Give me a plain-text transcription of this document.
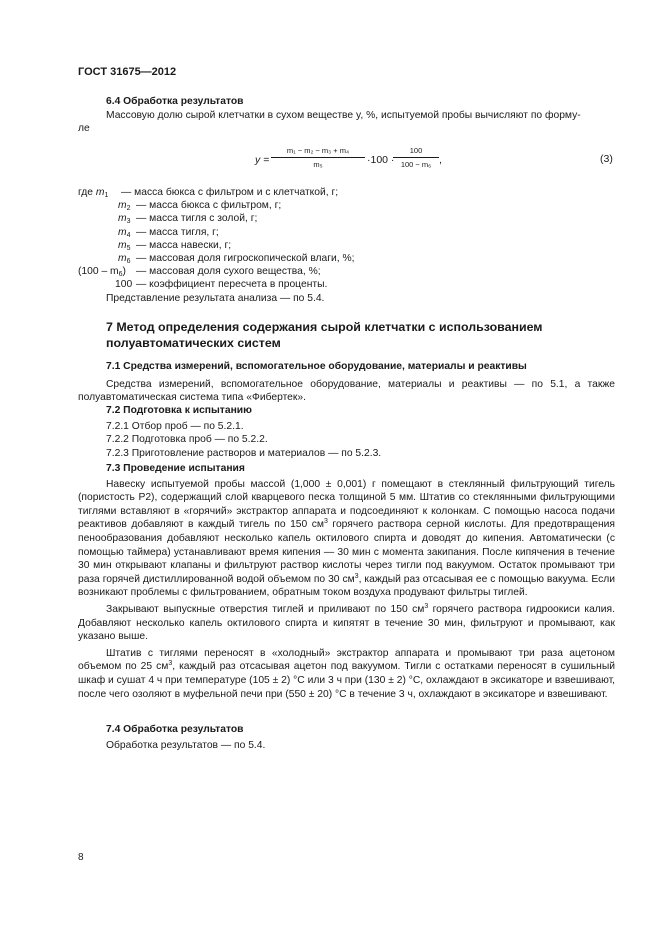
ГОСТ 31675—2012
6.4 Обработка результатов
Массовую долю сырой клетчатки в сухом веществе y, %, испытуемой пробы вычисляют по форму-
ле
$y = \frac{\text{m₁ − m₂ − m₃ + m₄}}{\text{m₅}} \cdot 100$ ·
$\frac{100}{\text{100 − m₆}}$ ,	(3)
где $m_1$ — масса бюкса с фильтром и с клетчаткой, г;
$m_2$ — масса бюкса с фильтром, г;
$m_3$ — масса тигля с золой, г;
$m_4$ — масса тигля, г;
$m_5$ — масса навески, г;
$m_6$ — массовая доля гигроскопической влаги, %;
$(100 - m_6)$ — массовая доля сухого вещества, %;
100 — коэффициент пересчета в проценты.
Представление результата анализа — по 5.4.
7 Метод определения содержания сырой клетчатки с использованием
полуавтоматических систем
7.1 Средства измерений, вспомогательное оборудование, материалы и реактивы
Средства измерений, вспомогательное оборудование, материалы и реактивы — по 5.1, а также полуавтоматическая система типа «Фибертек».
7.2 Подготовка к испытанию
7.2.1 Отбор проб — по 5.2.1.
7.2.2 Подготовка проб — по 5.2.2.
7.2.3 Приготовление растворов и материалов — по 5.2.3.
7.3 Проведение испытания
Навеску испытуемой пробы массой (1,000 ± 0,001) г помещают в стеклянный фильтрующий тигель (пористость Р2), содержащий слой кварцевого песка толщиной 5 мм. Штатив со стеклянными фильтрующими тиглями вставляют в «горячий» экстрактор аппарата и подсоединяют к колонкам. С помощью насоса подачи реактивов добавляют в каждый тигель по 150 $см^3$ горячего раствора серной кислоты. Для предотвращения пенообразования добавляют несколько капель октилового спирта и доводят до кипения. Автоматически (с помощью таймера) устанавливают время кипения — 30 мин с момента закипания. После кипячения в течение 30 мин открывают клапаны и фильтруют раствор кислоты через тигли под вакуумом. Остаток промывают три раза горячей дистиллированной водой объемом по 30 $см^3$, каждый раз отсасывая ее с помощью вакуума. Если возникают проблемы с фильтрованием, обратным током воздуха продувают фильтры тиглей.
Закрывают выпускные отверстия тиглей и приливают по 150 $см^3$ горячего раствора гидроокиси калия. Добавляют несколько капель октилового спирта и кипятят в течение 30 мин, фильтруют и промывают, как указано выше.
Штатив с тиглями переносят в «холодный» экстрактор аппарата и промывают три раза ацетоном объемом по 25 $см^3$, каждый раз отсасывая ацетон под вакуумом. Тигли с остатками переносят в сушильный шкаф и сушат 4 ч при температуре (105 ± 2) °С или 3 ч при (130 ± 2) °С, охлаждают в эксикаторе и взвешивают, после чего озоляют в муфельной печи при (550 ± 20) °С в течение 3 ч, охлаждают в эксикаторе и взвешивают.
7.4 Обработка результатов
Обработка результатов — по 5.4.
8
